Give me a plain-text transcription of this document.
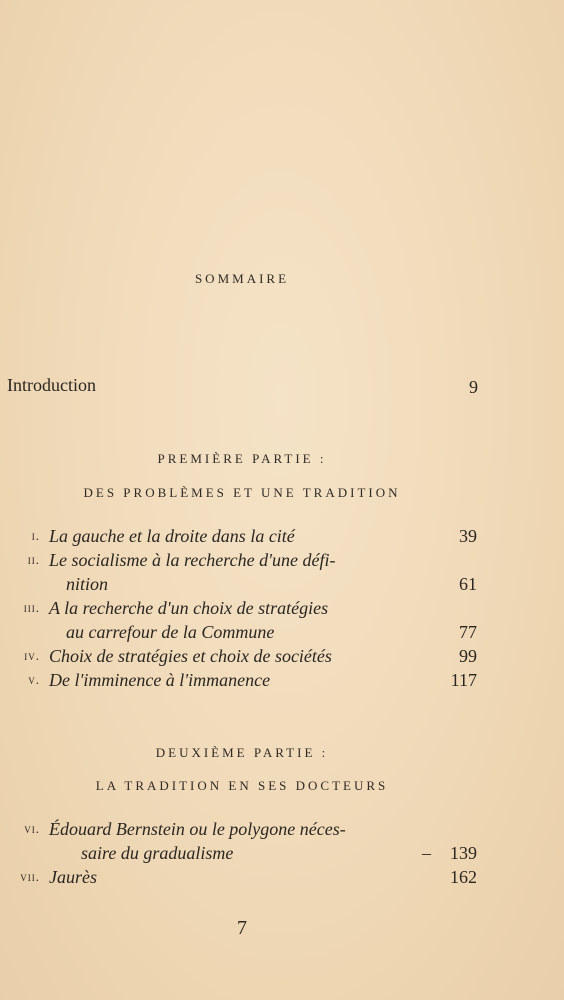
SOMMAIRE
Introduction	9
PREMIÈRE PARTIE :
DES PROBLÈMES ET UNE TRADITION
i. La gauche et la droite dans la cité	39
ii. Le socialisme à la recherche d'une défi-
nition	61
iii. A la recherche d'un choix de stratégies
au carrefour de la Commune	77
iv. Choix de stratégies et choix de sociétés	99
v. De l'imminence à l'immanence	117
DEUXIÈME PARTIE :
LA TRADITION EN SES DOCTEURS
vi. Édouard Bernstein ou le polygone néces-
saire du gradualisme	–	139
vii. Jaurès	162
7
